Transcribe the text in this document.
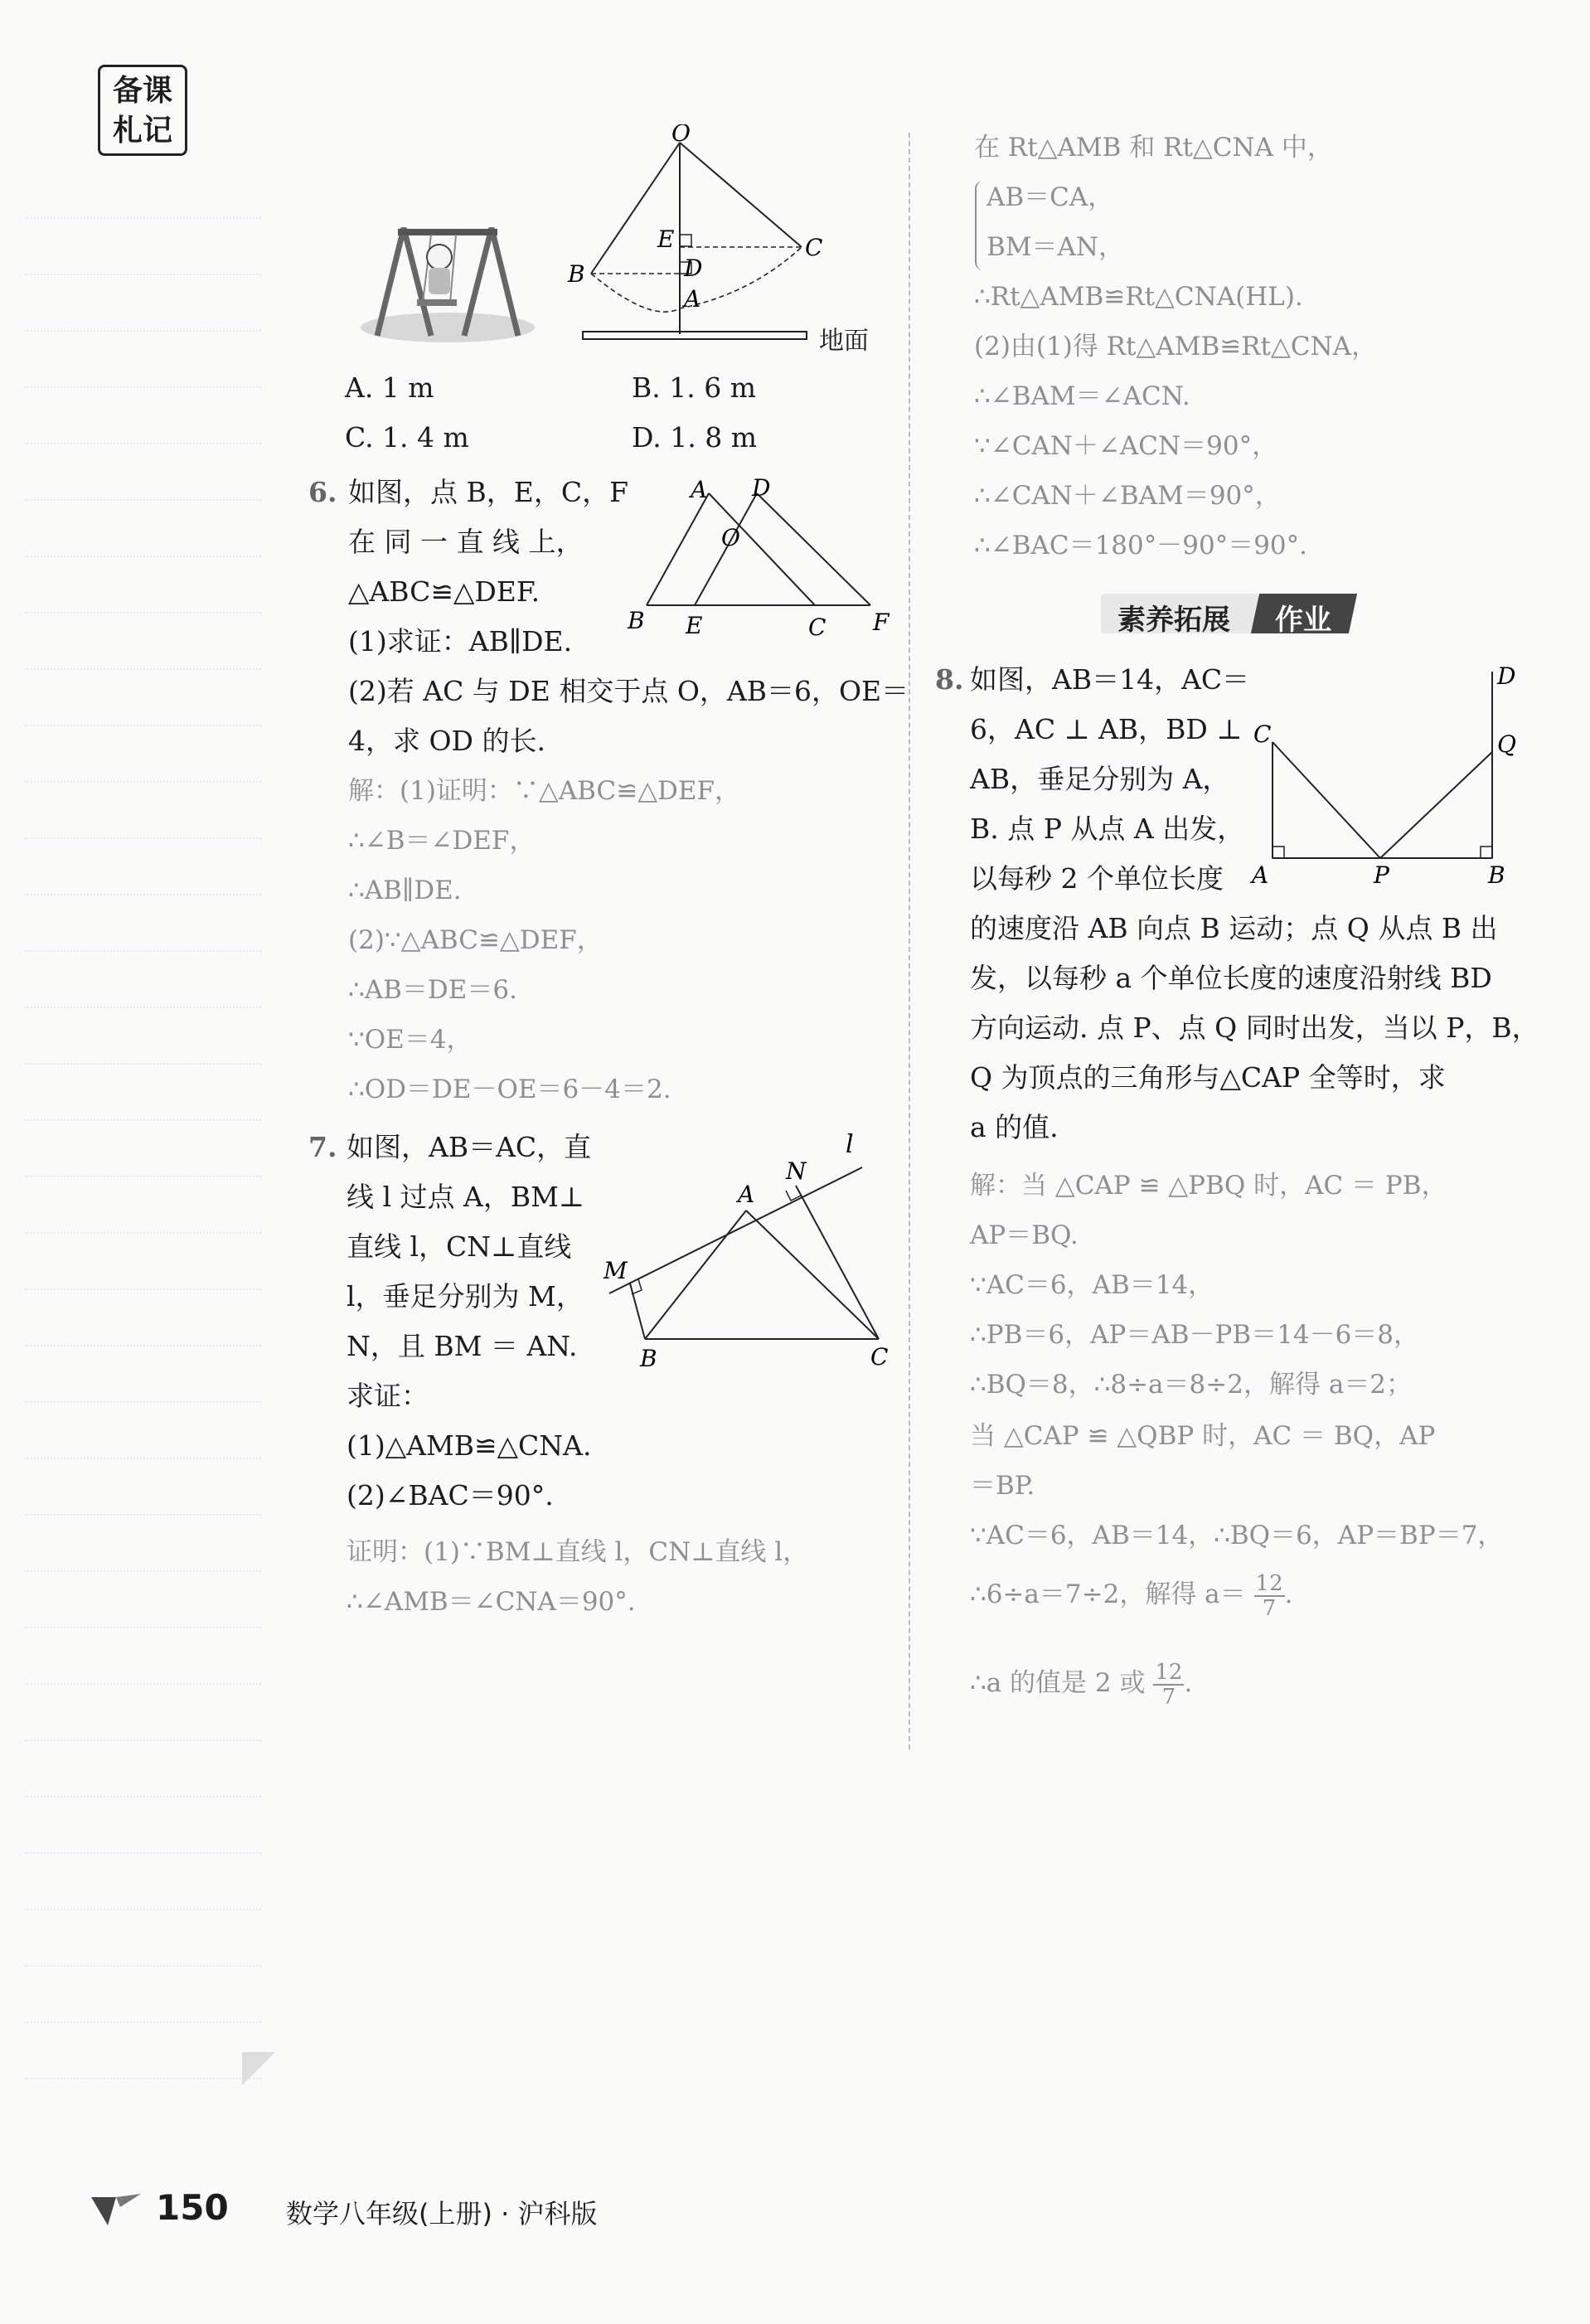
备课
札记	O
E
D
C
B
A
地面
A. 1 m	B. 1. 6 m
C. 1. 4 m	D. 1. 8 m
6. 如图，点 B，E，C，F
在 同 一 直 线 上，
△ABC≌△DEF.
(1)求证：AB∥DE.
(2)若 AC 与 DE 相交于点 O，AB＝6，OE＝
4，求 OD 的长.
A D
O
B E	C F
解：(1)证明：∵△ABC≌△DEF，
∴∠B＝∠DEF，
∴AB∥DE.
(2)∵△ABC≌△DEF，
∴AB＝DE＝6.
∵OE＝4，
∴OD＝DE－OE＝6－4＝2.
7. 如图，AB＝AC，直
线 l 过点 A，BM⊥
直线 l，CN⊥直线
l，垂足分别为 M，
N，且 BM ＝ AN.
求证：
(1)△AMB≌△CNA.
(2)∠BAC＝90°.
l
N
A
M
B	C
证明：(1)∵BM⊥直线 l，CN⊥直线 l，
∴∠AMB＝∠CNA＝90°.
在 Rt△AMB 和 Rt△CNA 中，
AB＝CA，
BM＝AN，
∴Rt△AMB≌Rt△CNA(HL).
(2)由(1)得 Rt△AMB≌Rt△CNA，
∴∠BAM＝∠ACN.
∵∠CAN＋∠ACN＝90°，
∴∠CAN＋∠BAM＝90°，
∴∠BAC＝180°－90°＝90°.
素养拓展 作业
8. 如图，AB＝14，AC＝
6，AC ⊥ AB，BD ⊥
AB，垂足分别为 A，
B. 点 P 从点 A 出发，
以每秒 2 个单位长度
的速度沿 AB 向点 B 运动；点 Q 从点 B 出
发，以每秒 a 个单位长度的速度沿射线 BD
方向运动. 点 P、点 Q 同时出发，当以 P，B，
Q 为顶点的三角形与△CAP 全等时，求
a 的值.
D
Q
C
A	P	B
解：当 △CAP ≌ △PBQ 时，AC ＝ PB，
AP＝BQ.
∵AC＝6，AB＝14，
∴PB＝6，AP＝AB－PB＝14－6＝8，
∴BQ＝8，∴8÷a＝8÷2，解得 a＝2；
当 △CAP ≌ △QBP 时，AC ＝ BQ，AP
＝BP.
∵AC＝6，AB＝14，∴BQ＝6，AP＝BP＝7，
∴6÷a＝7÷2，解得 $a= \frac{12}{7}$ .
∴a 的值是 2 或 $\frac{12}{7}$ .
150 数学八年级(上册) · 沪科版
